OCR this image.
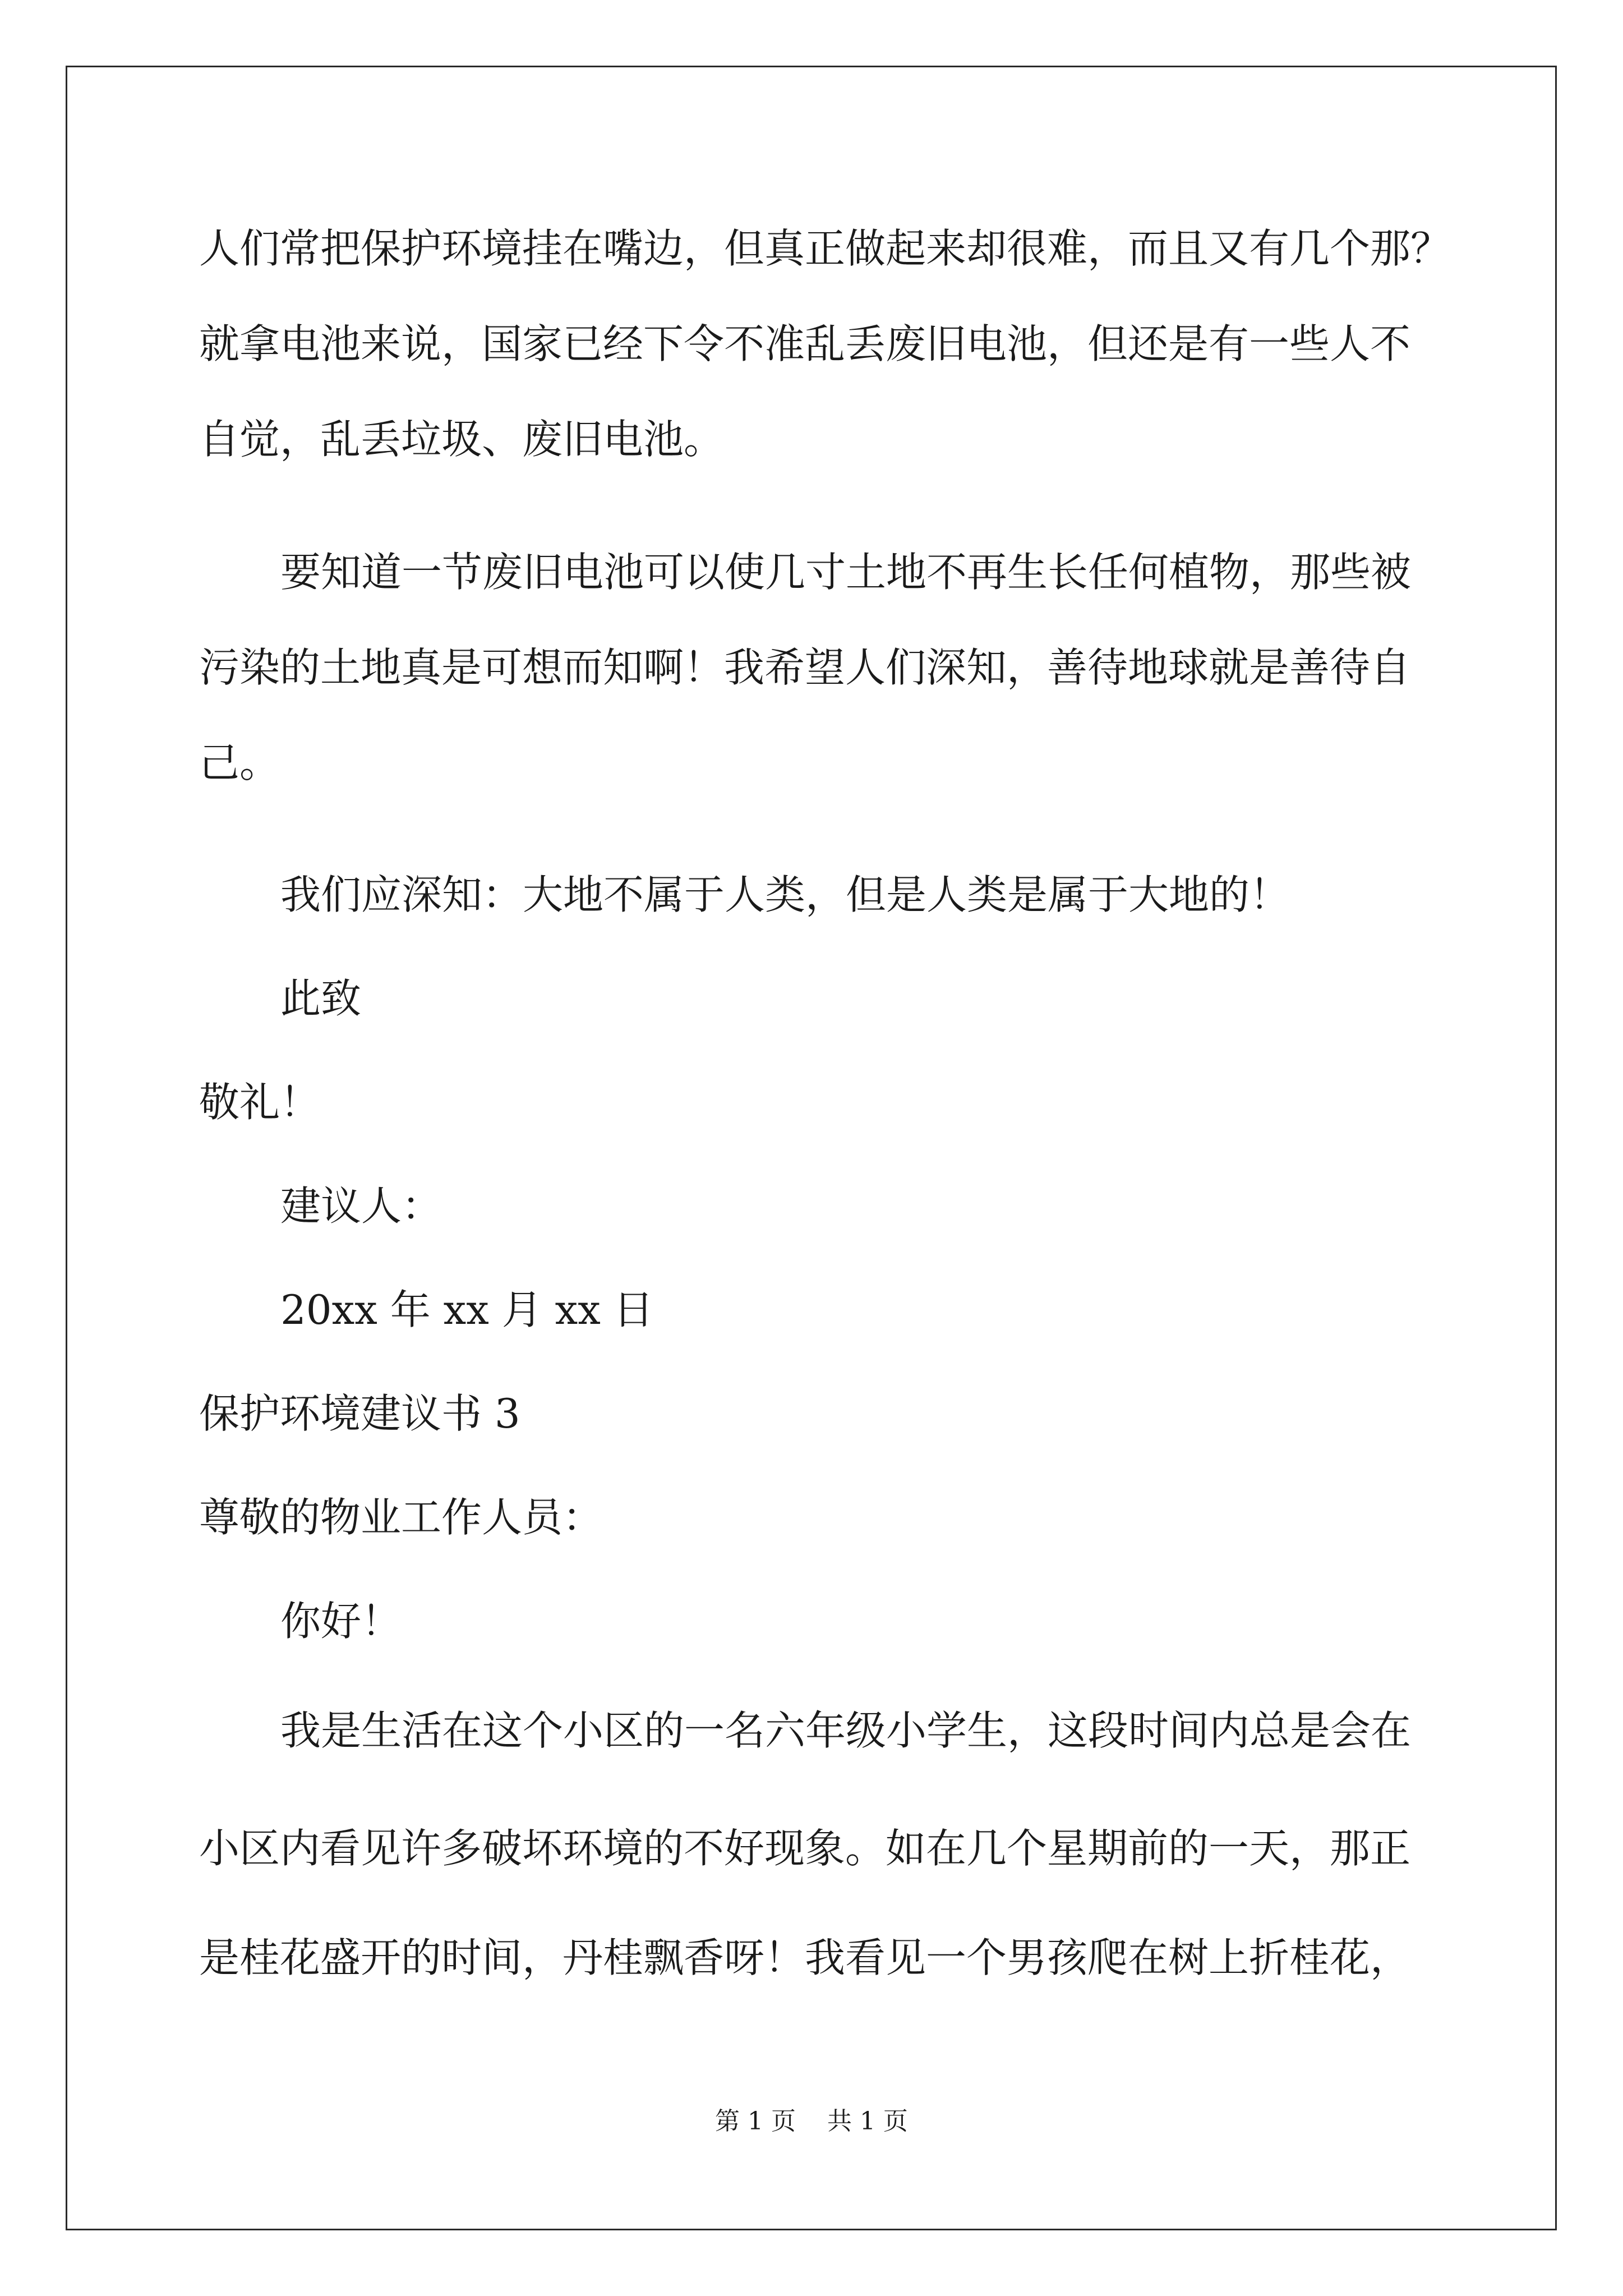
人们常把保护环境挂在嘴边，但真正做起来却很难，而且又有几个那？
就拿电池来说，国家已经下令不准乱丢废旧电池，但还是有一些人不
自觉，乱丢垃圾、废旧电池。
要知道一节废旧电池可以使几寸土地不再生长任何植物，那些被
污染的土地真是可想而知啊！我希望人们深知，善待地球就是善待自
己。
我们应深知：大地不属于人类，但是人类是属于大地的！
此致
敬礼！
建议人：
20xx 年 xx 月 xx 日
保护环境建议书 3
尊敬的物业工作人员：
你好！
我是生活在这个小区的一名六年级小学生，这段时间内总是会在
小区内看见许多破坏环境的不好现象。如在几个星期前的一天，那正
是桂花盛开的时间，丹桂飘香呀！我看见一个男孩爬在树上折桂花，
第 1 页    共 1 页
